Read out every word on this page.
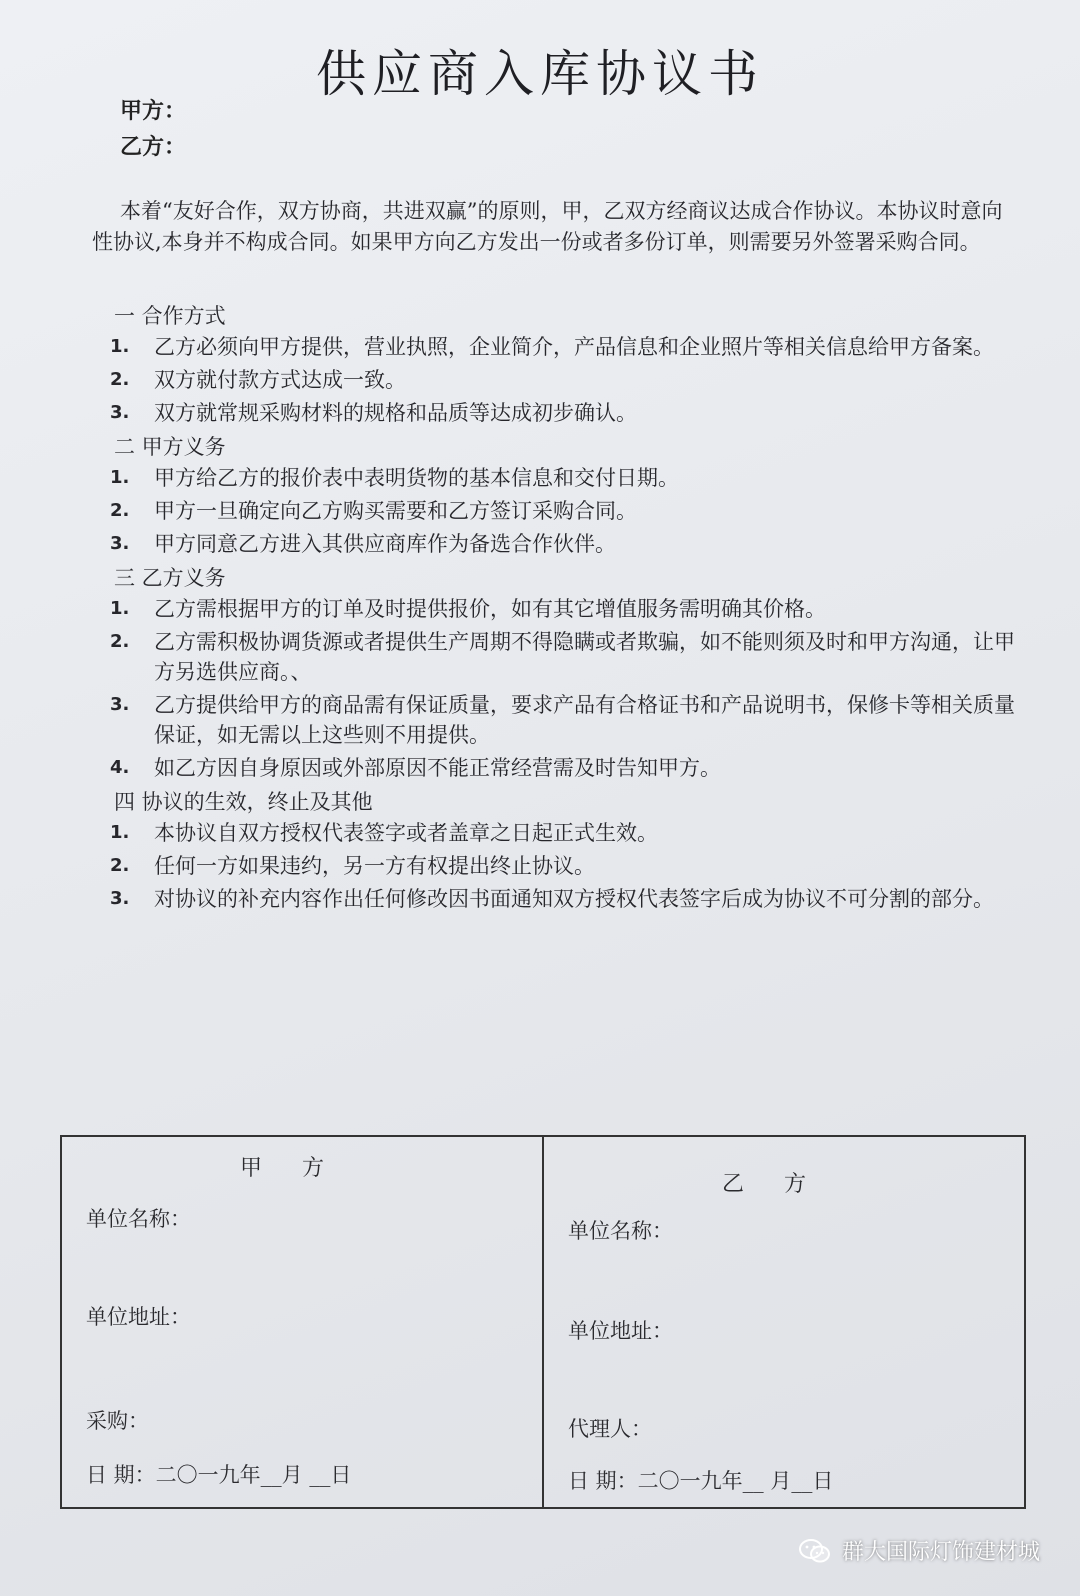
供应商入库协议书
甲方：
乙方：
本着“友好合作，双方协商，共进双赢”的原则，甲，乙双方经商议达成合作协议。本协议时意向性协议,本身并不构成合同。如果甲方向乙方发出一份或者多份订单，则需要另外签署采购合同。
一 合作方式
1.	乙方必须向甲方提供，营业执照，企业简介，产品信息和企业照片等相关信息给甲方备案。
2.	双方就付款方式达成一致。
3.	双方就常规采购材料的规格和品质等达成初步确认。
二 甲方义务
1.	甲方给乙方的报价表中表明货物的基本信息和交付日期。
2.	甲方一旦确定向乙方购买需要和乙方签订采购合同。
3.	甲方同意乙方进入其供应商库作为备选合作伙伴。
三 乙方义务
1.	乙方需根据甲方的订单及时提供报价，如有其它增值服务需明确其价格。
2.	乙方需积极协调货源或者提供生产周期不得隐瞒或者欺骗，如不能则须及时和甲方沟通，让甲方另选供应商。、
3.	乙方提供给甲方的商品需有保证质量，要求产品有合格证书和产品说明书，保修卡等相关质量保证，如无需以上这些则不用提供。
4.	如乙方因自身原因或外部原因不能正常经营需及时告知甲方。
四 协议的生效，终止及其他
1.	本协议自双方授权代表签字或者盖章之日起正式生效。
2.	任何一方如果违约，另一方有权提出终止协议。
3.	对协议的补充内容作出任何修改因书面通知双方授权代表签字后成为协议不可分割的部分。
甲方
单位名称：
单位地址：
采购：
日 期：二〇一九年__月 __日
乙方
单位名称：
单位地址：
代理人：
日 期：二〇一九年__ 月__日
群大国际灯饰建材城
